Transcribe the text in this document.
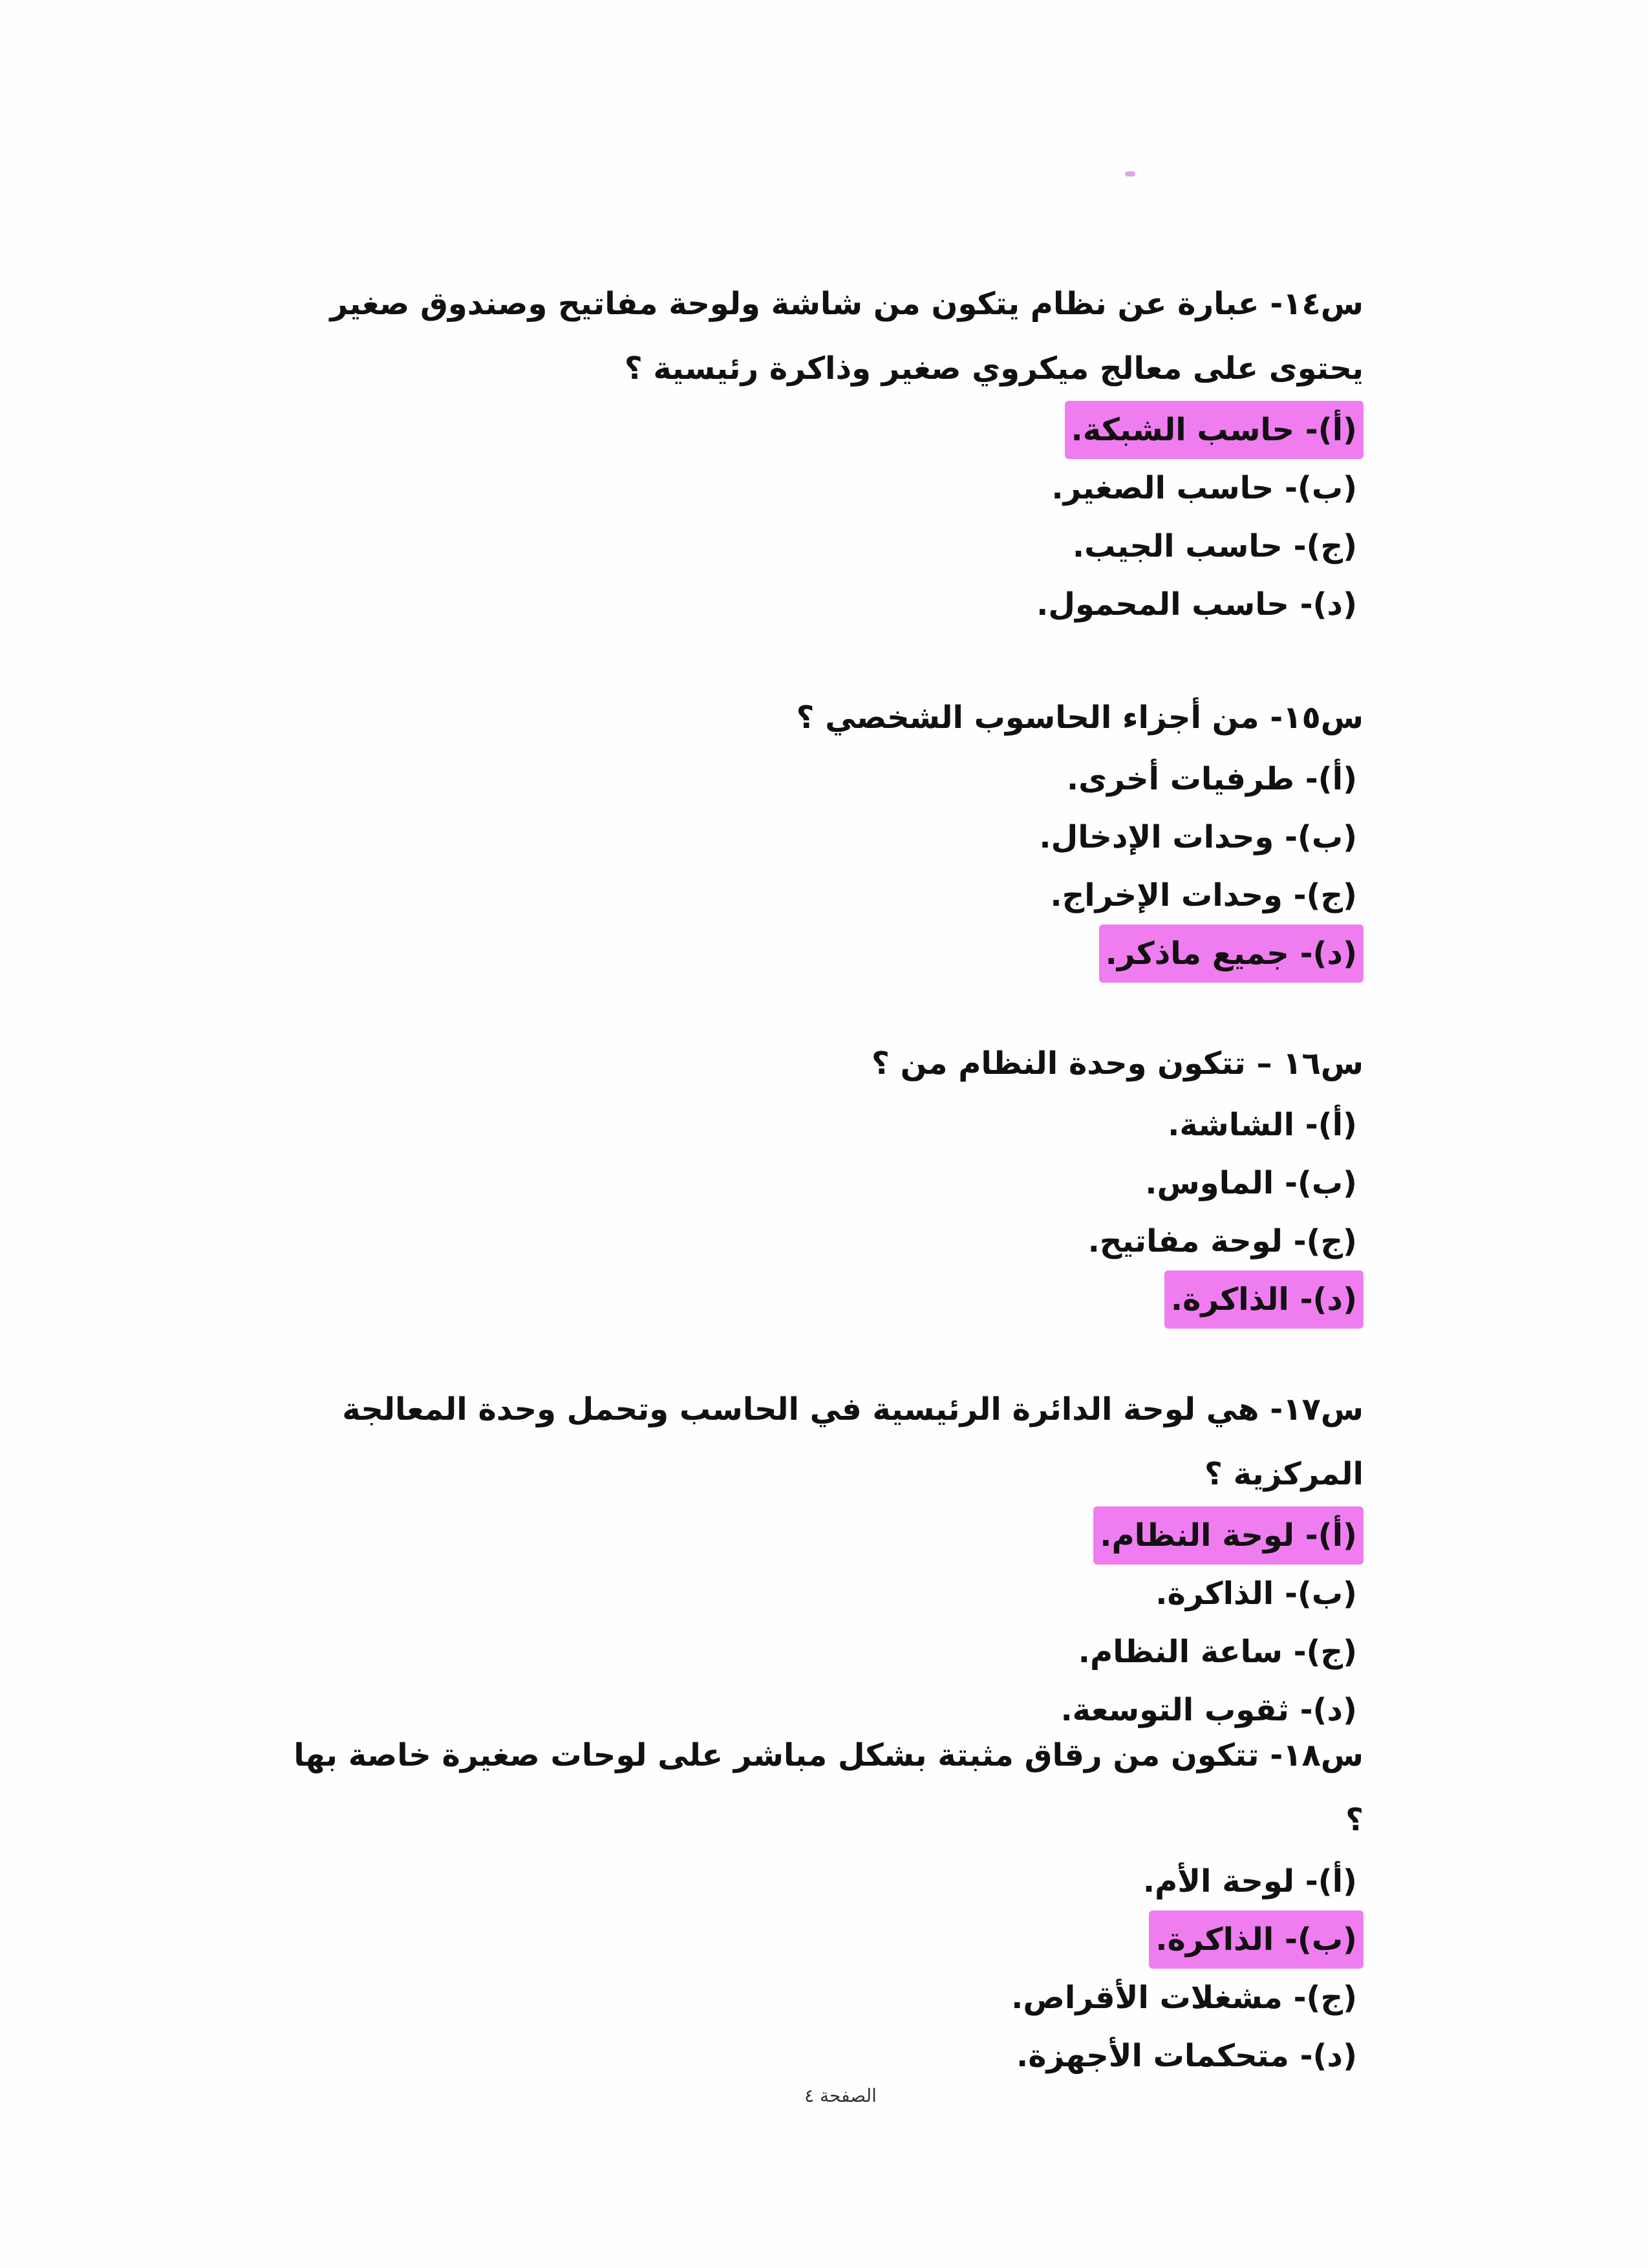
س١٤- عبارة عن نظام يتكون من شاشة ولوحة مفاتيح وصندوق صغير يحتوى على معالج ميكروي صغير وذاكرة رئيسية ؟

(أ)- حاسب الشبكة.
(ب)- حاسب الصغير.
(ج)- حاسب الجيب.
(د)- حاسب المحمول.

س١٥- من أجزاء الحاسوب الشخصي ؟

(أ)- طرفيات أخرى.
(ب)- وحدات الإدخال.
(ج)- وحدات الإخراج.
(د)- جميع ماذكر.

س١٦ – تتكون وحدة النظام من ؟

(أ)- الشاشة.
(ب)- الماوس.
(ج)- لوحة مفاتيح.
(د)- الذاكرة.

س١٧- هي لوحة الدائرة الرئيسية في الحاسب وتحمل وحدة المعالجة المركزية ؟

(أ)- لوحة النظام.
(ب)- الذاكرة.
(ج)- ساعة النظام.
(د)- ثقوب التوسعة.

س١٨- تتكون من رقاق مثبتة بشكل مباشر على لوحات صغيرة خاصة بها ؟

(أ)- لوحة الأم.
(ب)- الذاكرة.
(ج)- مشغلات الأقراص.
(د)- متحكمات الأجهزة.
الصفحة ٤
